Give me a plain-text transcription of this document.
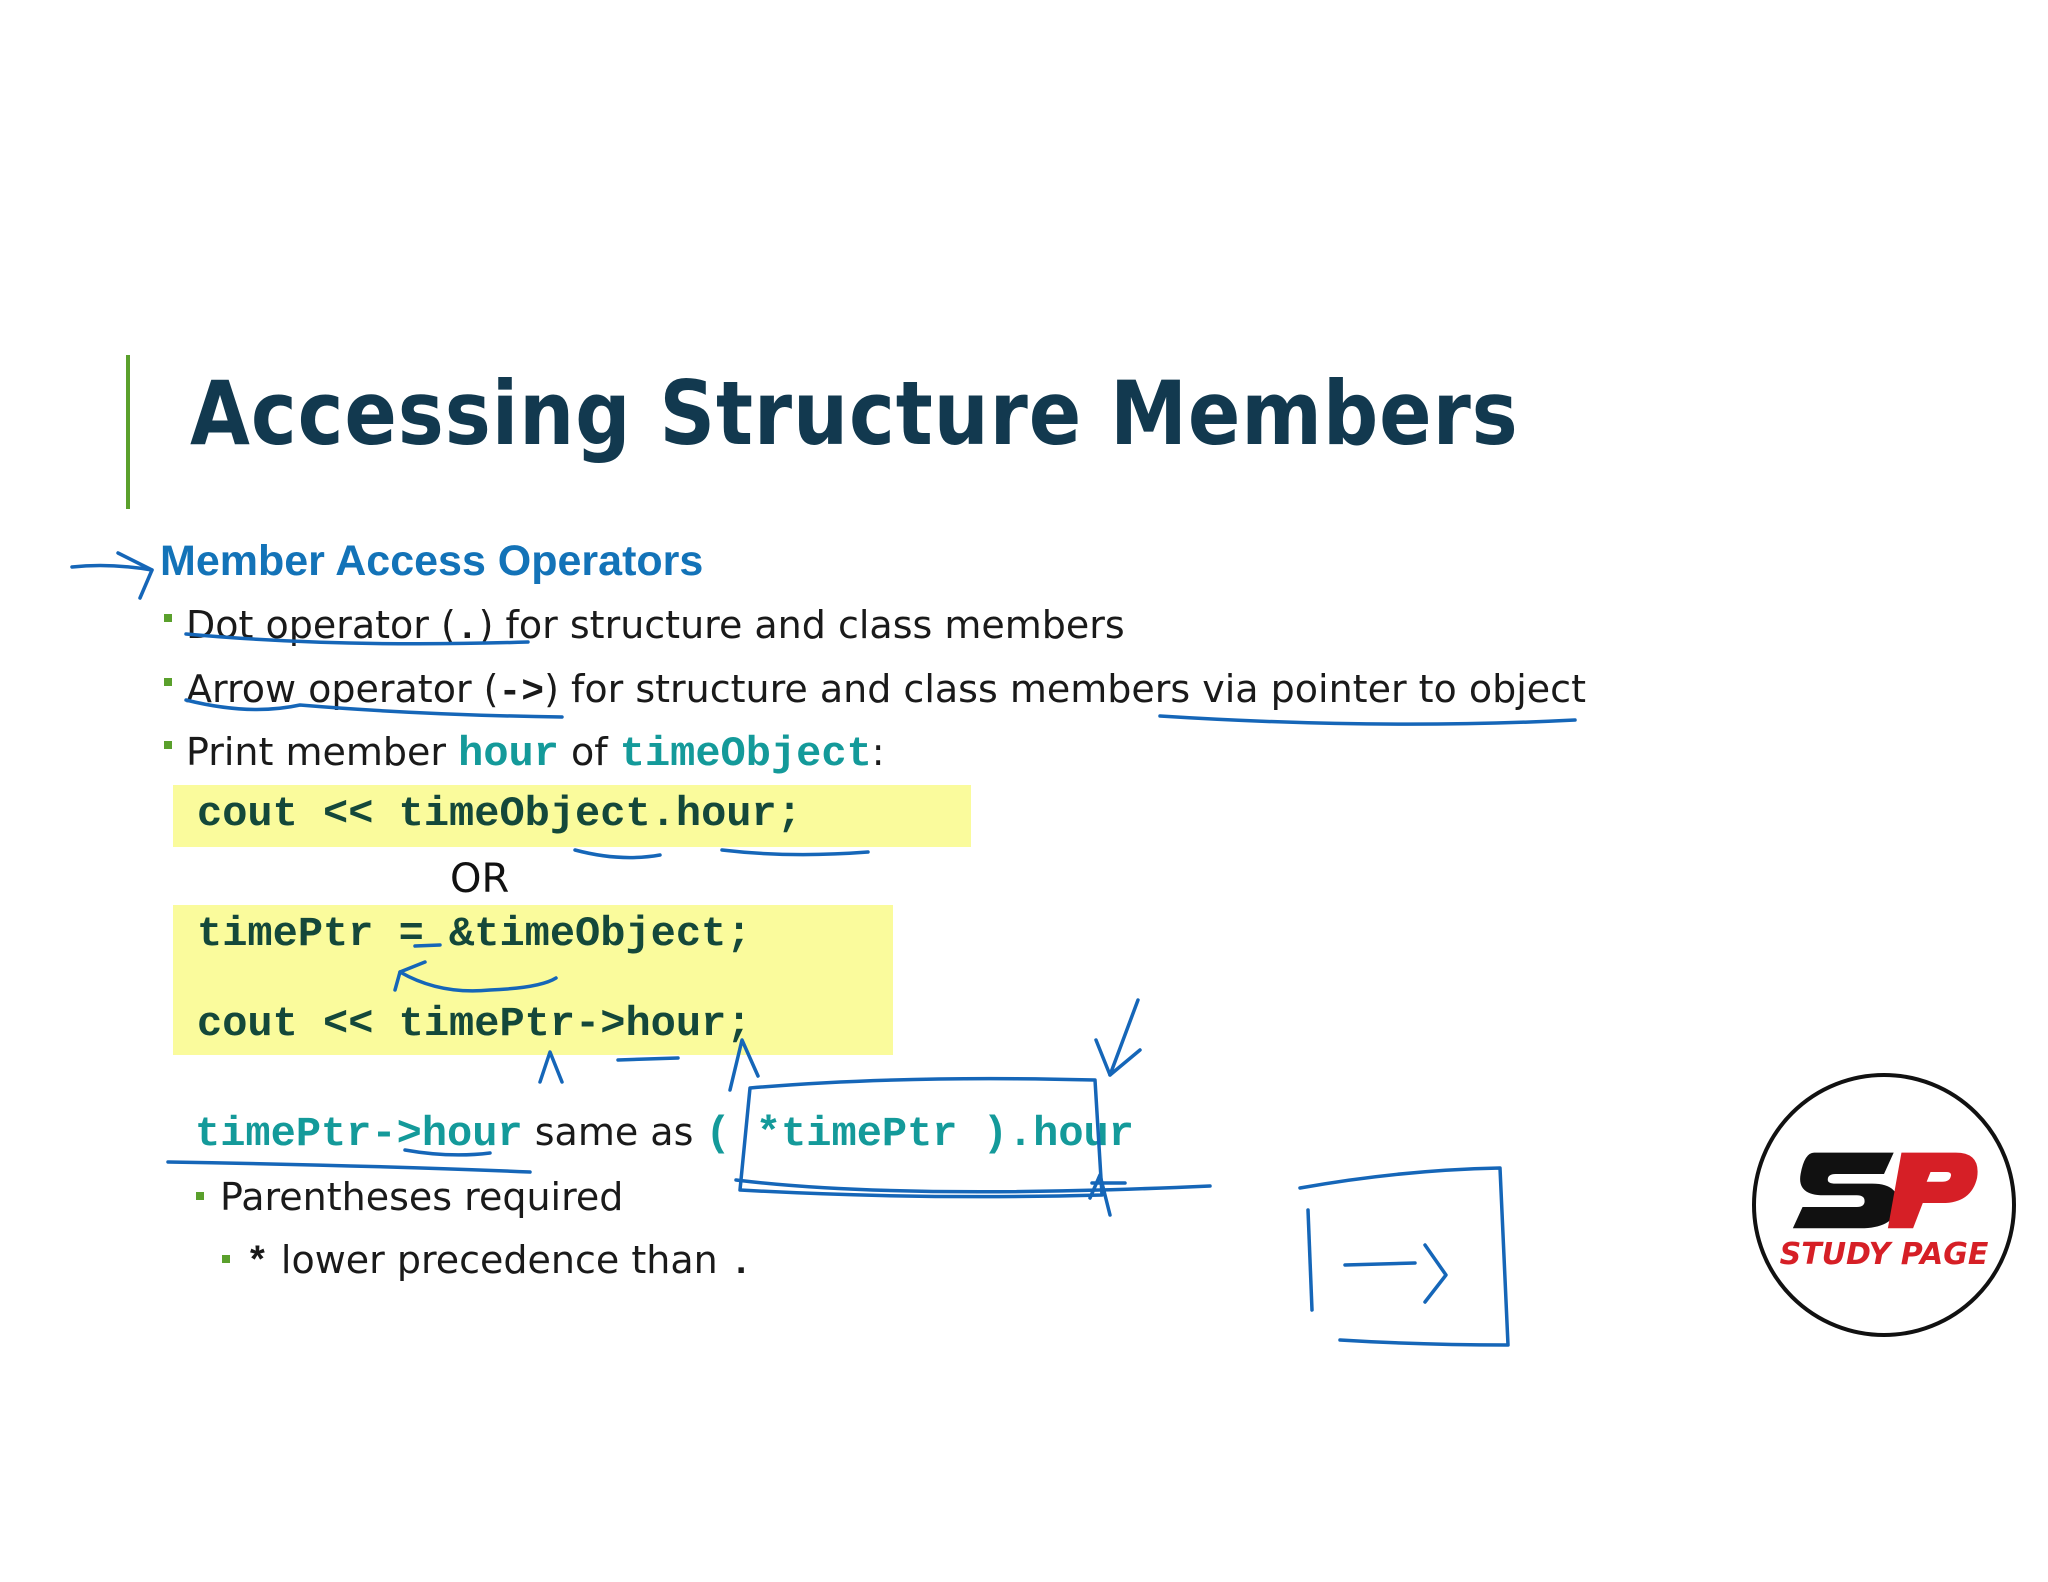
Accessing Structure Members
Member Access Operators
Dot operator (.) for structure and class members
Arrow operator (->) for structure and class members via pointer to object
Print member hour of timeObject:
cout << timeObject.hour;
OR
timePtr = &timeObject;
cout << timePtr->hour;
timePtr->hour same as ( *timePtr ).hour
Parentheses required
* lower precedence than .	STUDY PAGE
